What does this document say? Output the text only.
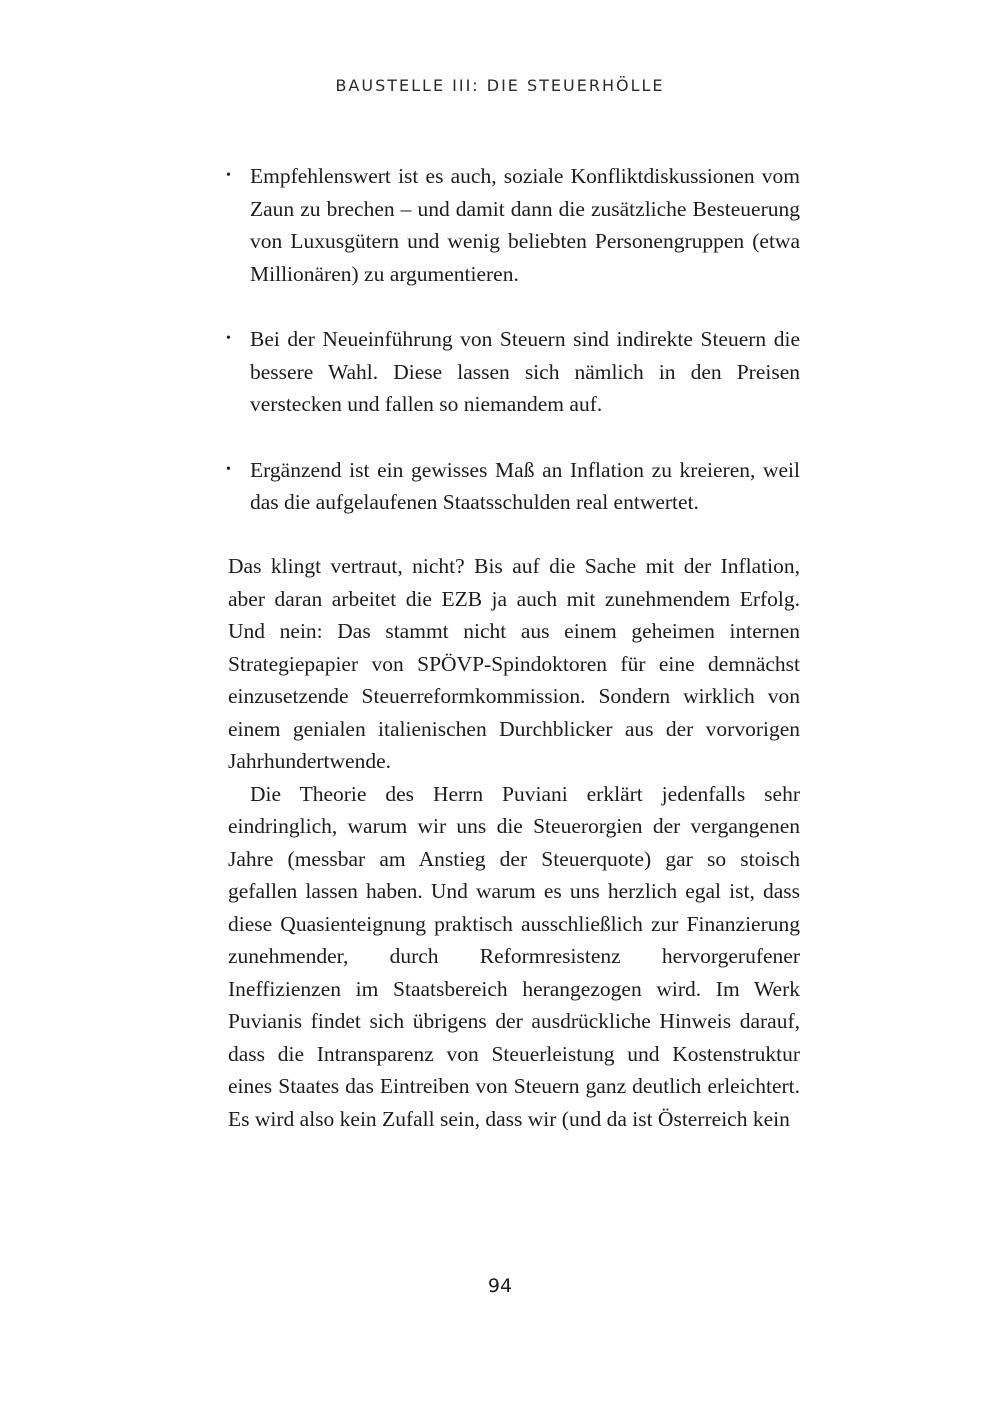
BAUSTELLE III: DIE STEUERHÖLLE
• Empfehlenswert ist es auch, soziale Konfliktdiskussionen vom Zaun zu brechen – und damit dann die zusätzliche Besteuerung von Luxusgütern und wenig beliebten Personengruppen (etwa Millionären) zu argumentieren.
• Bei der Neueinführung von Steuern sind indirekte Steuern die bessere Wahl. Diese lassen sich nämlich in den Preisen verstecken und fallen so niemandem auf.
• Ergänzend ist ein gewisses Maß an Inflation zu kreieren, weil das die aufgelaufenen Staatsschulden real entwertet.

Das klingt vertraut, nicht? Bis auf die Sache mit der Inflation, aber daran arbeitet die EZB ja auch mit zunehmendem Erfolg. Und nein: Das stammt nicht aus einem geheimen internen Strategiepapier von SPÖVP-Spindoktoren für eine demnächst einzusetzende Steuerreformkommission. Sondern wirklich von einem genialen italienischen Durchblicker aus der vorvorigen Jahrhundertwende.

Die Theorie des Herrn Puviani erklärt jedenfalls sehr eindringlich, warum wir uns die Steuerorgien der vergangenen Jahre (messbar am Anstieg der Steuerquote) gar so stoisch gefallen lassen haben. Und warum es uns herzlich egal ist, dass diese Quasienteignung praktisch ausschließlich zur Finanzierung zunehmender, durch Reformresistenz hervorgerufener Ineffizienzen im Staatsbereich herangezogen wird. Im Werk Puvianis findet sich übrigens der ausdrückliche Hinweis darauf, dass die Intransparenz von Steuerleistung und Kostenstruktur eines Staates das Eintreiben von Steuern ganz deutlich erleichtert. Es wird also kein Zufall sein, dass wir (und da ist Österreich kein

94
